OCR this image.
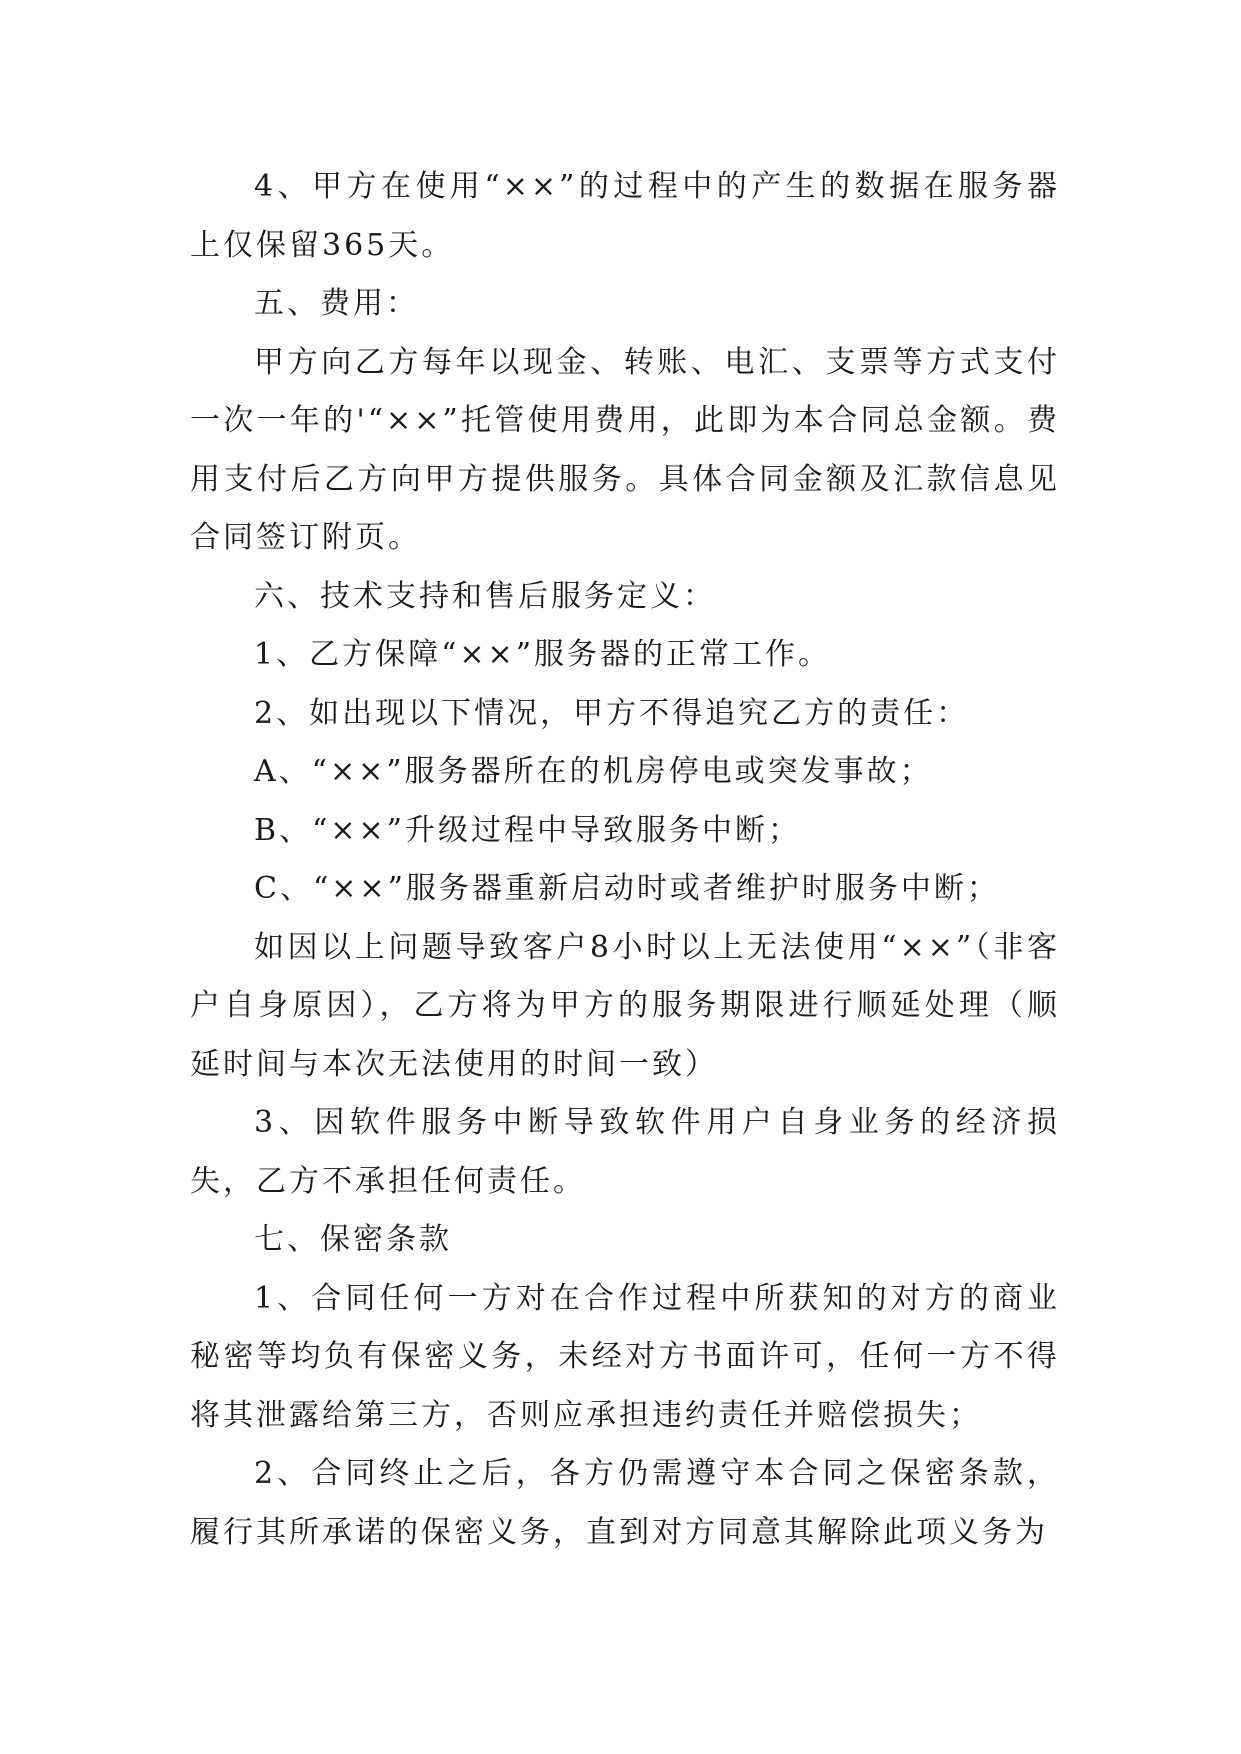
4、甲方在使用“××”的过程中的产生的数据在服务器上仅保留365天。

五、费用：

甲方向乙方每年以现金、转账、电汇、支票等方式支付一次一年的'“××”托管使用费用，此即为本合同总金额。费用支付后乙方向甲方提供服务。具体合同金额及汇款信息见合同签订附页。

六、技术支持和售后服务定义：

1、乙方保障“××”服务器的正常工作。

2、如出现以下情况，甲方不得追究乙方的责任：

A、“××”服务器所在的机房停电或突发事故；

B、“××”升级过程中导致服务中断；

C、“××”服务器重新启动时或者维护时服务中断；

如因以上问题导致客户8小时以上无法使用“××”（非客户自身原因），乙方将为甲方的服务期限进行顺延处理（顺延时间与本次无法使用的时间一致）

3、因软件服务中断导致软件用户自身业务的经济损失，乙方不承担任何责任。

七、保密条款

1、合同任何一方对在合作过程中所获知的对方的商业秘密等均负有保密义务，未经对方书面许可，任何一方不得将其泄露给第三方，否则应承担违约责任并赔偿损失；

2、合同终止之后，各方仍需遵守本合同之保密条款，履行其所承诺的保密义务，直到对方同意其解除此项义务为
